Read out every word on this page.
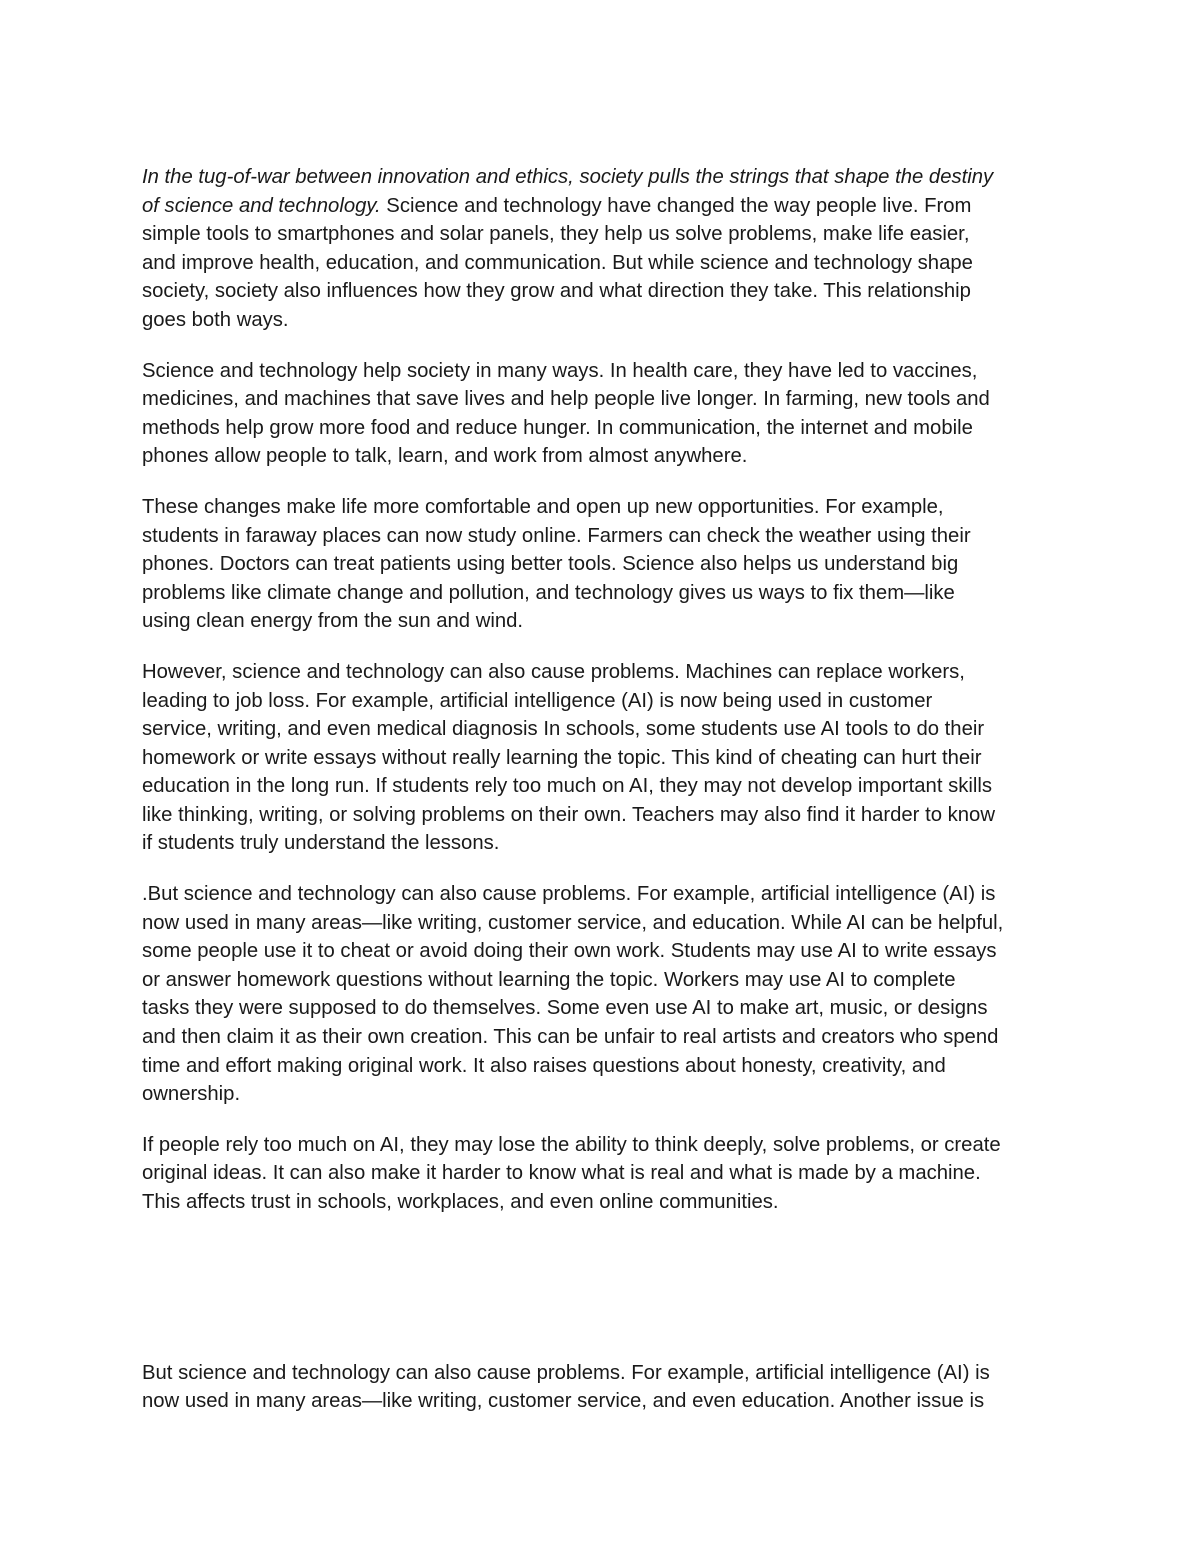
In the tug-of-war between innovation and ethics, society pulls the strings that shape the destiny
of science and technology. Science and technology have changed the way people live. From
simple tools to smartphones and solar panels, they help us solve problems, make life easier,
and improve health, education, and communication. But while science and technology shape
society, society also influences how they grow and what direction they take. This relationship
goes both ways.

Science and technology help society in many ways. In health care, they have led to vaccines,
medicines, and machines that save lives and help people live longer. In farming, new tools and
methods help grow more food and reduce hunger. In communication, the internet and mobile
phones allow people to talk, learn, and work from almost anywhere.

These changes make life more comfortable and open up new opportunities. For example,
students in faraway places can now study online. Farmers can check the weather using their
phones. Doctors can treat patients using better tools. Science also helps us understand big
problems like climate change and pollution, and technology gives us ways to fix them—like
using clean energy from the sun and wind.

However, science and technology can also cause problems. Machines can replace workers,
leading to job loss. For example, artificial intelligence (AI) is now being used in customer
service, writing, and even medical diagnosis In schools, some students use AI tools to do their
homework or write essays without really learning the topic. This kind of cheating can hurt their
education in the long run. If students rely too much on AI, they may not develop important skills
like thinking, writing, or solving problems on their own. Teachers may also find it harder to know
if students truly understand the lessons.

.But science and technology can also cause problems. For example, artificial intelligence (AI) is
now used in many areas—like writing, customer service, and education. While AI can be helpful,
some people use it to cheat or avoid doing their own work. Students may use AI to write essays
or answer homework questions without learning the topic. Workers may use AI to complete
tasks they were supposed to do themselves. Some even use AI to make art, music, or designs
and then claim it as their own creation. This can be unfair to real artists and creators who spend
time and effort making original work. It also raises questions about honesty, creativity, and
ownership.

If people rely too much on AI, they may lose the ability to think deeply, solve problems, or create
original ideas. It can also make it harder to know what is real and what is made by a machine.
This affects trust in schools, workplaces, and even online communities.

But science and technology can also cause problems. For example, artificial intelligence (AI) is
now used in many areas—like writing, customer service, and even education. Another issue is
